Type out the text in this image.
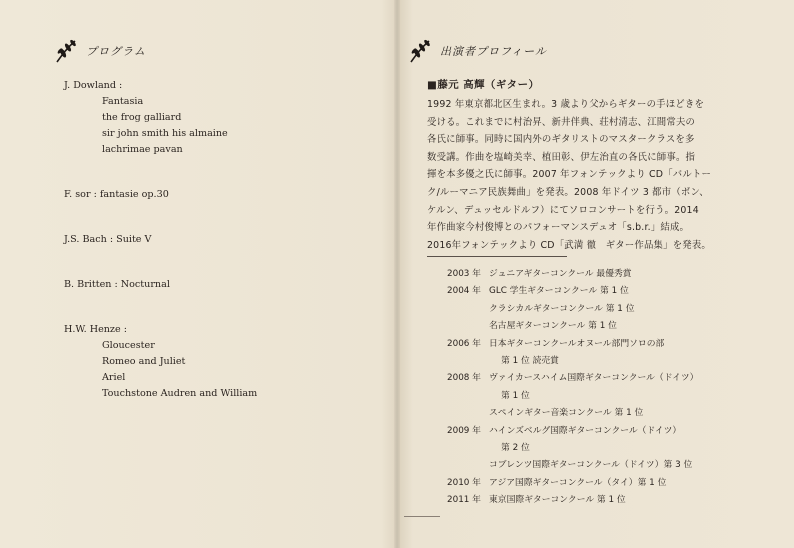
プログラム
J. Dowland :
Fantasia
the frog galliard
sir john smith his almaine
lachrimae pavan
F. sor : fantasie op.30
J.S. Bach : Suite V
B. Britten : Nocturnal
H.W. Henze :
Gloucester
Romeo and Juliet
Ariel
Touchstone Audren and William
出演者プロフィール
■藤元 高輝（ギター）
1992 年東京都北区生まれ。3 歳より父からギターの手ほどきを
受ける。これまでに村治昇、新井伴典、荘村清志、江間常夫の
各氏に師事。同時に国内外のギタリストのマスタークラスを多
数受講。作曲を塩崎美幸、植田彰、伊左治直の各氏に師事。指
揮を本多優之氏に師事。2007 年フォンテックより CD「バルトー
ク/ルーマニア民族舞曲」を発表。2008 年ドイツ 3 都市（ボン、
ケルン、デュッセルドルフ）にてソロコンサートを行う。2014
年作曲家今村俊博とのパフォーマンスデュオ「s.b.r.」結成。
2016年フォンテックより CD「武満 徹　ギター作品集」を発表。
2003 年 ジュニアギターコンクール 最優秀賞
2004 年 GLC 学生ギターコンクール 第 1 位
クラシカルギターコンクール 第 1 位
名古屋ギターコンクール 第 1 位
2006 年 日本ギターコンクールオヌール部門ソロの部
第 1 位 読売賞
2008 年 ヴァイカースハイム国際ギターコンクール（ドイツ）
第 1 位
スペインギター音楽コンクール 第 1 位
2009 年 ハインズベルグ国際ギターコンクール（ドイツ）
第 2 位
コブレンツ国際ギターコンクール（ドイツ）第 3 位
2010 年 アジア国際ギターコンクール（タイ）第 1 位
2011 年 東京国際ギターコンクール 第 1 位
